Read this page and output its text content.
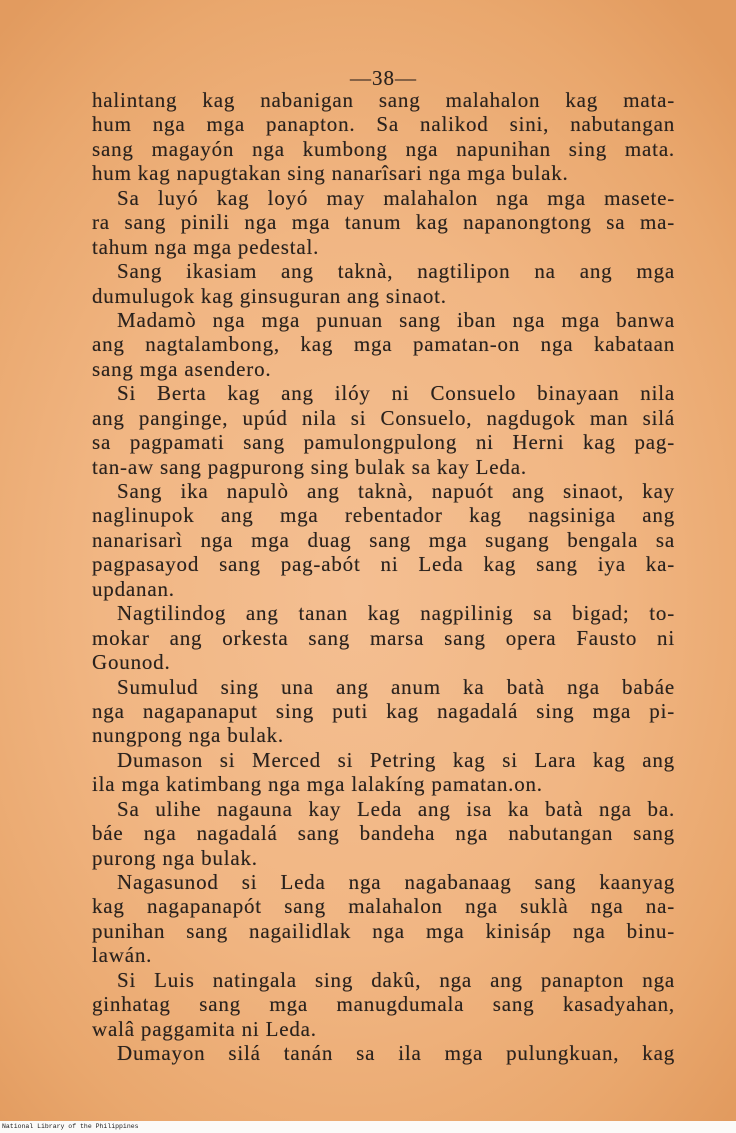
—38—
halintang kag nabanigan sang malahalon kag mata-
hum nga mga panapton. Sa nalikod sini, nabutangan
sang magayón nga kumbong nga napunihan sing mata.
hum kag napugtakan sing nanarîsari nga mga bulak.
Sa luyó kag loyó may malahalon nga mga masete-
ra sang pinili nga mga tanum kag napanongtong sa ma-
tahum nga mga pedestal.
Sang ikasiam ang taknà, nagtilipon na ang mga
dumulugok kag ginsuguran ang sinaot.
Madamò nga mga punuan sang iban nga mga banwa
ang nagtalambong, kag mga pamatan-on nga kabataan
sang mga asendero.
Si Berta kag ang ilóy ni Consuelo binayaan nila
ang panginge, upúd nila si Consuelo, nagdugok man silá
sa pagpamati sang pamulongpulong ni Herni kag pag-
tan-aw sang pagpurong sing bulak sa kay Leda.
Sang ika napulò ang taknà, napuót ang sinaot, kay
naglinupok ang mga rebentador kag nagsiniga ang
nanarisarì nga mga duag sang mga sugang bengala sa
pagpasayod sang pag-abót ni Leda kag sang iya ka-
updanan.
Nagtilindog ang tanan kag nagpilinig sa bigad; to-
mokar ang orkesta sang marsa sang opera Fausto ni
Gounod.
Sumulud sing una ang anum ka batà nga babáe
nga nagapanaput sing puti kag nagadalá sing mga pi-
nungpong nga bulak.
Dumason si Merced si Petring kag si Lara kag ang
ila mga katimbang nga mga lalakíng pamatan.on.
Sa ulihe nagauna kay Leda ang isa ka batà nga ba.
báe nga nagadalá sang bandeha nga nabutangan sang
purong nga bulak.
Nagasunod si Leda nga nagabanaag sang kaanyag
kag nagapanapót sang malahalon nga suklà nga na-
punihan sang nagailidlak nga mga kinisáp nga binu-
lawán.
Si Luis natingala sing dakû, nga ang panapton nga
ginhatag sang mga manugdumala sang kasadyahan,
walâ paggamita ni Leda.
Dumayon silá tanán sa ila mga pulungkuan, kag
National Library of the Philippines
